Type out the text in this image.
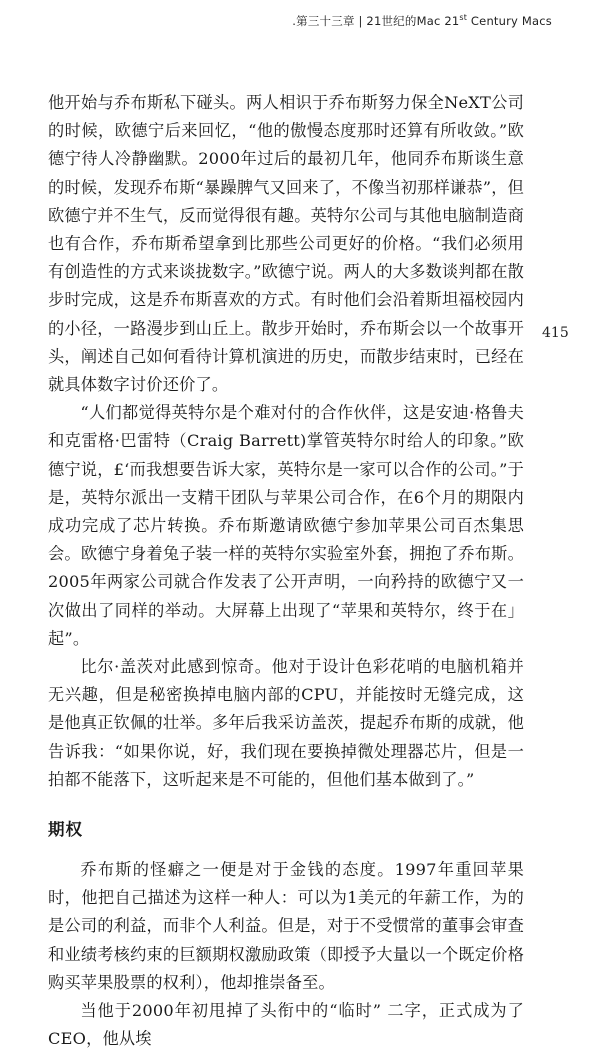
.第三十三章 | 21世纪的Mac 21st Century Macs
415

他开始与乔布斯私下碰头。两人相识于乔布斯努力保全NeXT公司的时候，欧德宁后来回忆，“他的傲慢态度那时还算有所收敛。”欧德宁待人冷静幽默。2000年过后的最初几年，他同乔布斯谈生意的时候，发现乔布斯“暴躁脾气又回来了，不像当初那样谦恭”，但欧德宁并不生气，反而觉得很有趣。英特尔公司与其他电脑制造商也有合作，乔布斯希望拿到比那些公司更好的价格。“我们必须用有创造性的方式来谈拢数字。”欧德宁说。两人的大多数谈判都在散步时完成，这是乔布斯喜欢的方式。有时他们会沿着斯坦福校园内的小径，一路漫步到山丘上。散步开始时，乔布斯会以一个故事开头，阐述自己如何看待计算机演进的历史，而散步结束时，已经在就具体数字讨价还价了。

“人们都觉得英特尔是个难对付的合作伙伴，这是安迪·格鲁夫和克雷格·巴雷特（Craig Barrett)掌管英特尔时给人的印象。”欧德宁说，£‘而我想要告诉大家，英特尔是一家可以合作的公司。”于是，英特尔派出一支精干团队与苹果公司合作，在6个月的期限内成功完成了芯片转换。乔布斯邀请欧德宁参加苹果公司百杰集思会。欧德宁身着兔子装一样的英特尔实验室外套，拥抱了乔布斯。2005年两家公司就合作发表了公开声明，一向矜持的欧德宁又一次做出了同样的举动。大屏幕上出现了“苹果和英特尔，终于在」起”。

比尔·盖茨对此感到惊奇。他对于设计色彩花哨的电脑机箱并无兴趣，但是秘密换掉电脑内部的CPU，并能按时无缝完成，这是他真正钦佩的壮举。多年后我采访盖茨，提起乔布斯的成就，他告诉我：“如果你说，好，我们现在要换掉微处理器芯片，但是一拍都不能落下，这听起来是不可能的，但他们基本做到了。”

期权

乔布斯的怪癖之一便是对于金钱的态度。1997年重回苹果时，他把自己描述为这样一种人：可以为1美元的年薪工作，为的是公司的利益，而非个人利益。但是，对于不受惯常的董事会审查和业绩考核约束的巨额期权激励政策（即授予大量以一个既定价格购买苹果股票的权利），他却推崇备至。

当他于2000年初甩掉了头衔中的“临时” 二字，正式成为了CEO，他从埃
